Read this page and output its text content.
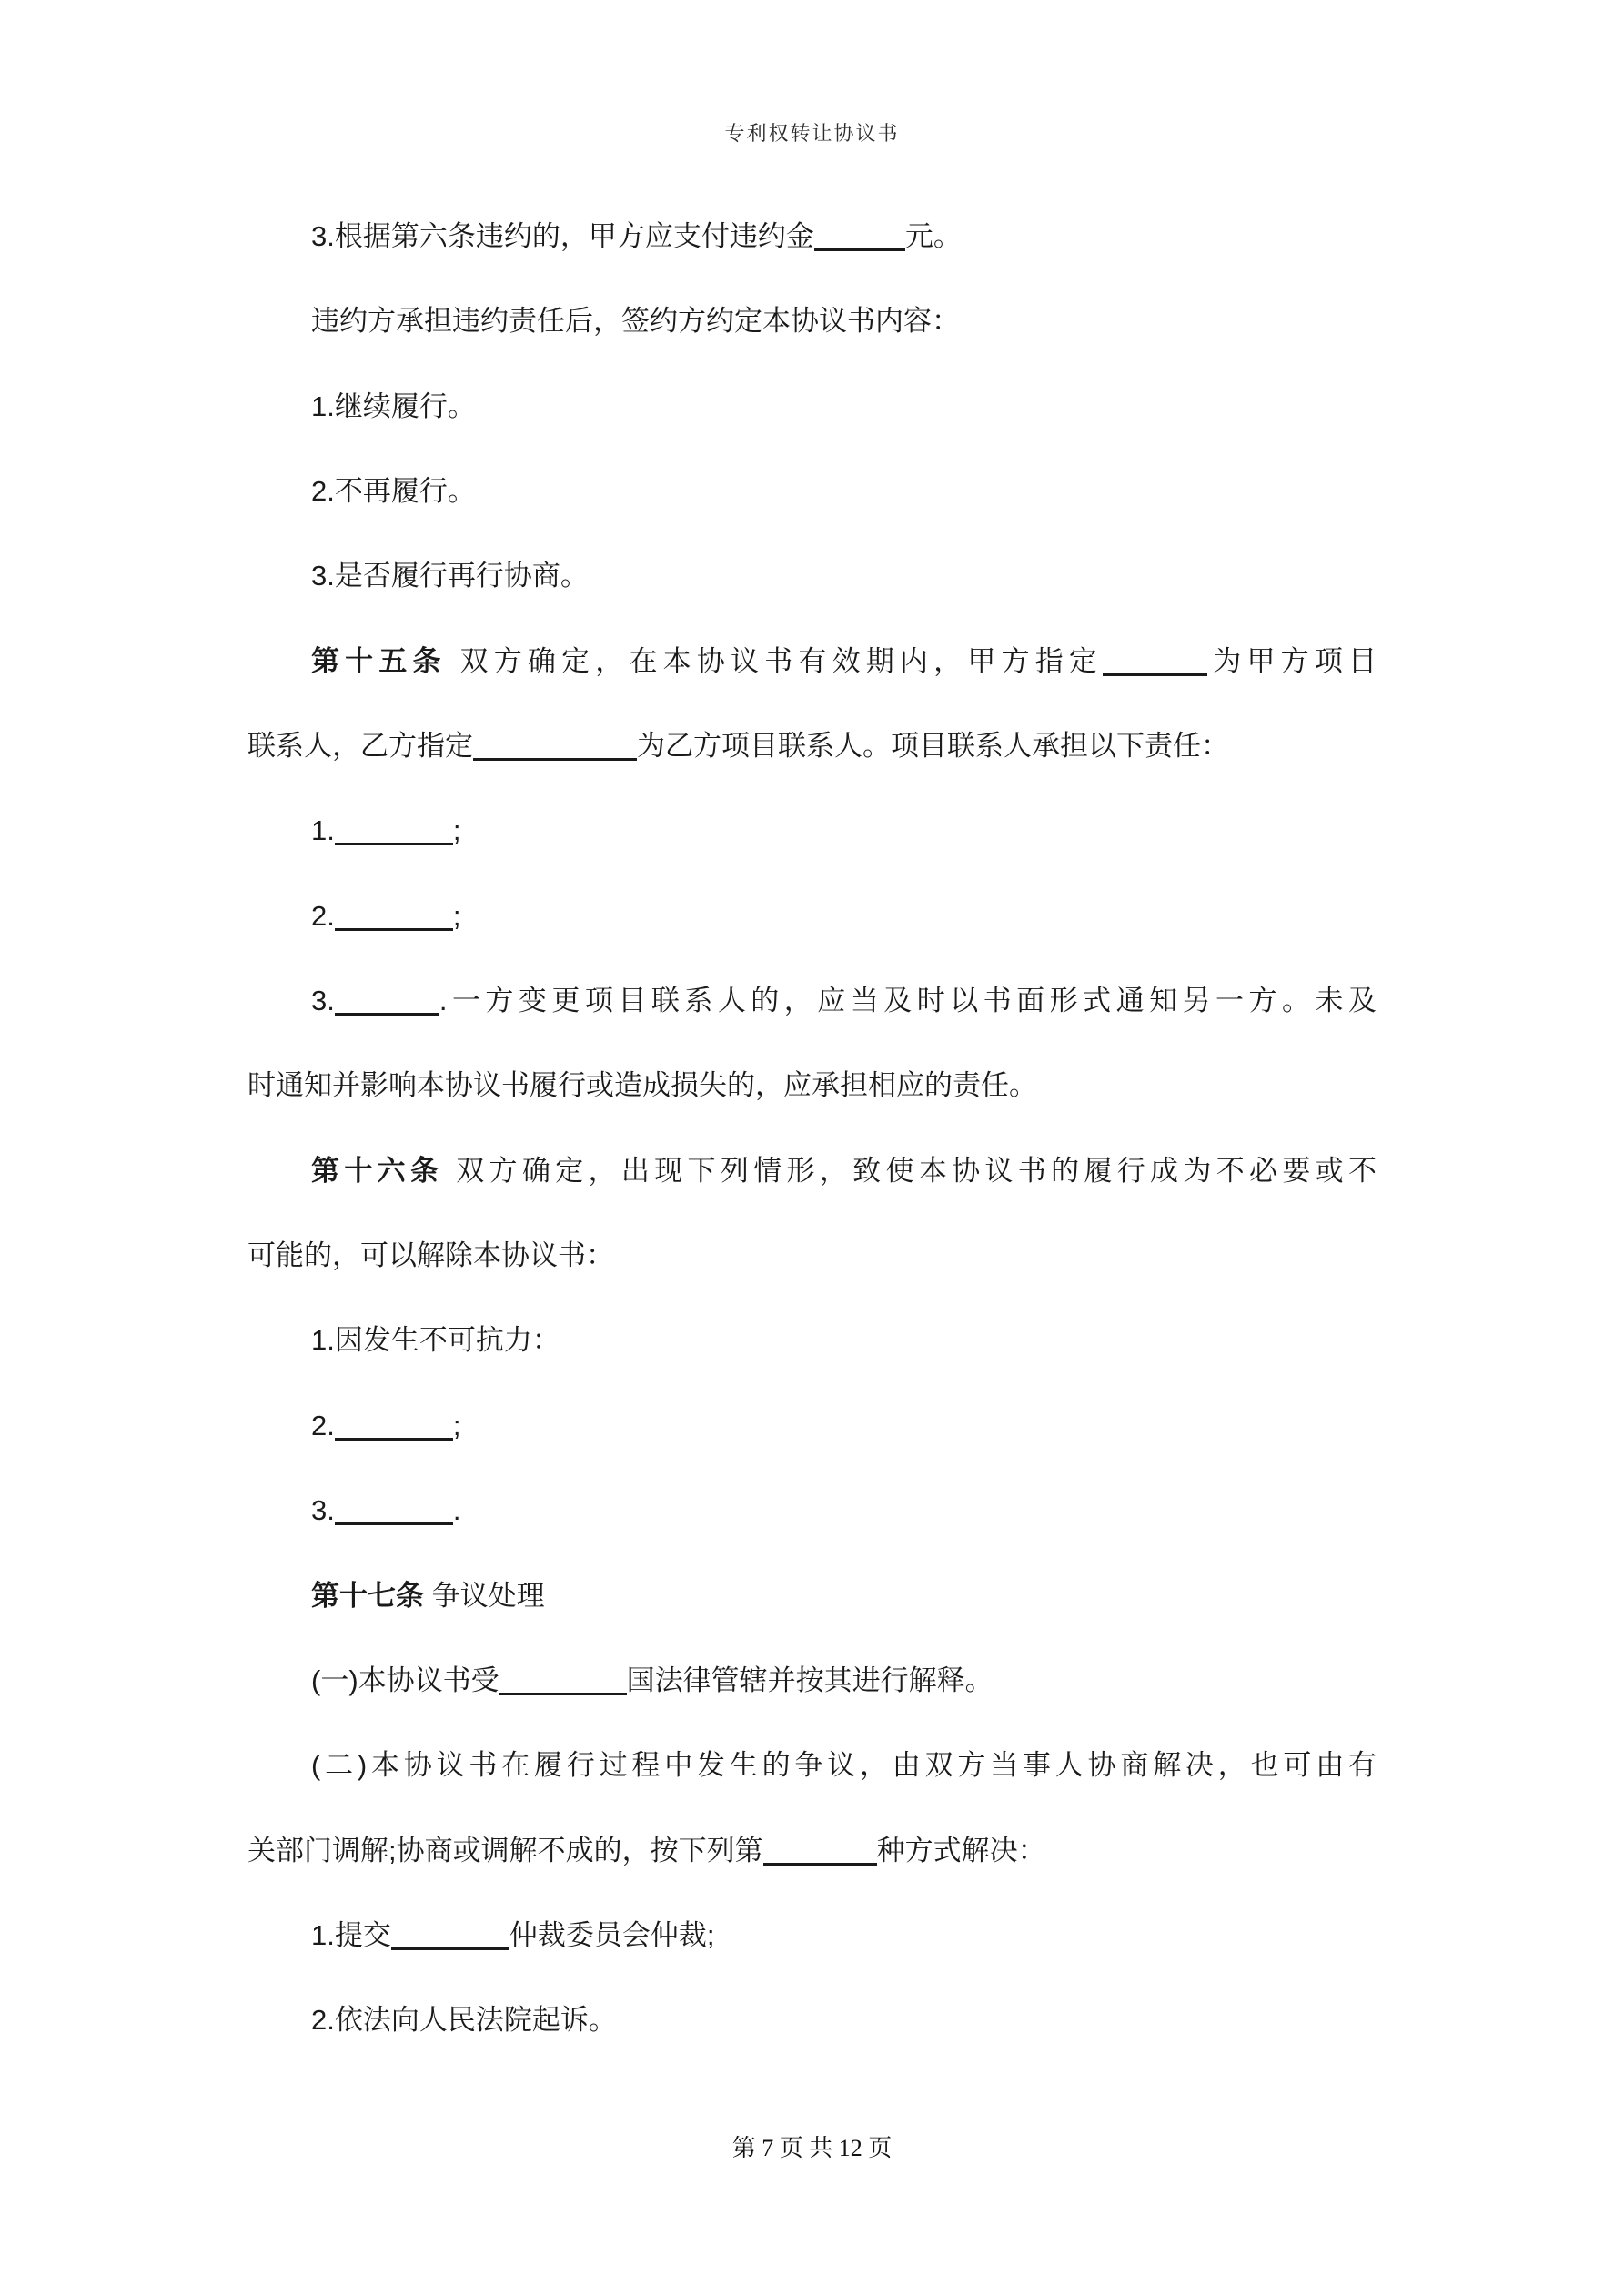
专利权转让协议书
3.根据第六条违约的，甲方应支付违约金	元。
违约方承担违约责任后，签约方约定本协议书内容：
1.继续履行。
2.不再履行。
3.是否履行再行协商。
第十五条 双方确定，在本协议书有效期内，甲方指定	为甲方项目
联系人，乙方指定	为乙方项目联系人。项目联系人承担以下责任：
1.	;
2.	;
3.	.一方变更项目联系人的，应当及时以书面形式通知另一方。未及
时通知并影响本协议书履行或造成损失的，应承担相应的责任。
第十六条 双方确定，出现下列情形，致使本协议书的履行成为不必要或不
可能的，可以解除本协议书：
1.因发生不可抗力：
2.	;
3.	.
第十七条 争议处理
(一)本协议书受	国法律管辖并按其进行解释。
(二)本协议书在履行过程中发生的争议，由双方当事人协商解决，也可由有
关部门调解;协商或调解不成的，按下列第	种方式解决：
1.提交	仲裁委员会仲裁;
2.依法向人民法院起诉。
第 7 页 共 12 页
